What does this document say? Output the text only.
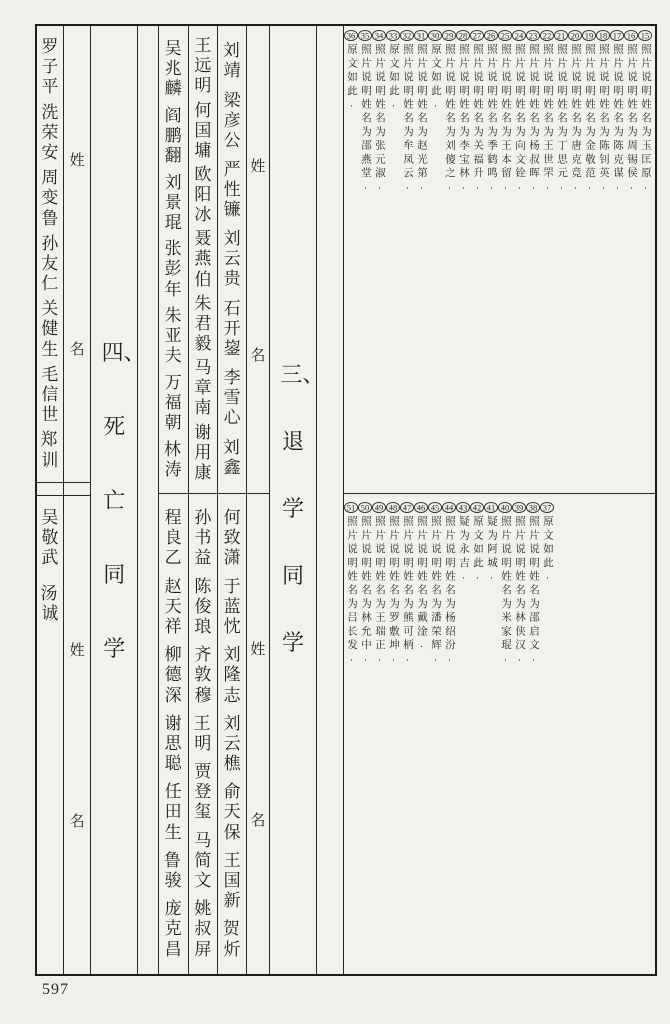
罗子平
洗荣安
周变鲁
孙友仁
关健生
毛信世
郑　训
吴敬武
汤　诚
姓
名
姓
名
四、死亡同学
吴兆麟
阎鹏翻
刘景琨
张彭年
朱亚夫
万福朝
林　涛
程良乙
赵天祥
柳德深
谢思聪
任田生
鲁　骏
庞克昌
王远明
何国墉
欧阳冰
聂燕伯
朱君毅
马章南
谢用康
孙书益
陈俊琅
齐敦穆
王　明
贾登玺
马简文
姚叔屏
刘　靖
梁彦公
严性镰
刘云贵
石开鋆
李雪心
刘　鑫
何致潇
于蓝忱
刘隆志
刘云樵
俞天保
王国新
贺　炘
姓
名
姓
名
三、退学同学
15照片说明姓名为玉匡原.
16照片说明姓名为周锡侯.
17照片说明姓名为陈克谋.
18照片说明姓名为陈钊英.
19照片说明姓名为金敬范.
20照片说明姓名为唐克竞.
21照片说明姓名为丁思元.
22照片说明姓名为王世罘.
23照片说明姓名为杨叔晖.
24照片说明姓名为向文铨.
25照片说明姓名为王本留.
26照片说明姓名为季鹤鸣.
27照片说明姓名为关福升.
28照片说明姓名为李宝林.
29照片说明姓名为刘傻之.
30原文如此.
31照片说明姓名为赵光第.
32照片说明姓名为牟凤云.
33原文如此.
34照片说明姓名为张元淑.
35照片说明姓名为邵燕堂.
36原文如此.
37原文如此.
38照片说明姓名为邵启文.
39照片说明姓名为林侠汉.
40照片说明姓名为米家琨.
41疑为阿城.
42原文如此.
43疑为永吉.
44照片说明姓名为杨绍汾.
45照片说明姓名为潘荣辉.
46照片说明姓名为戴淦.
47照片说明姓名为熊可柄.
48照片说明姓名为罗敷坤.
49照片说明姓名为王瑞正.
50照片说明姓名为林允中.
51照片说明姓名为吕长发.
597
